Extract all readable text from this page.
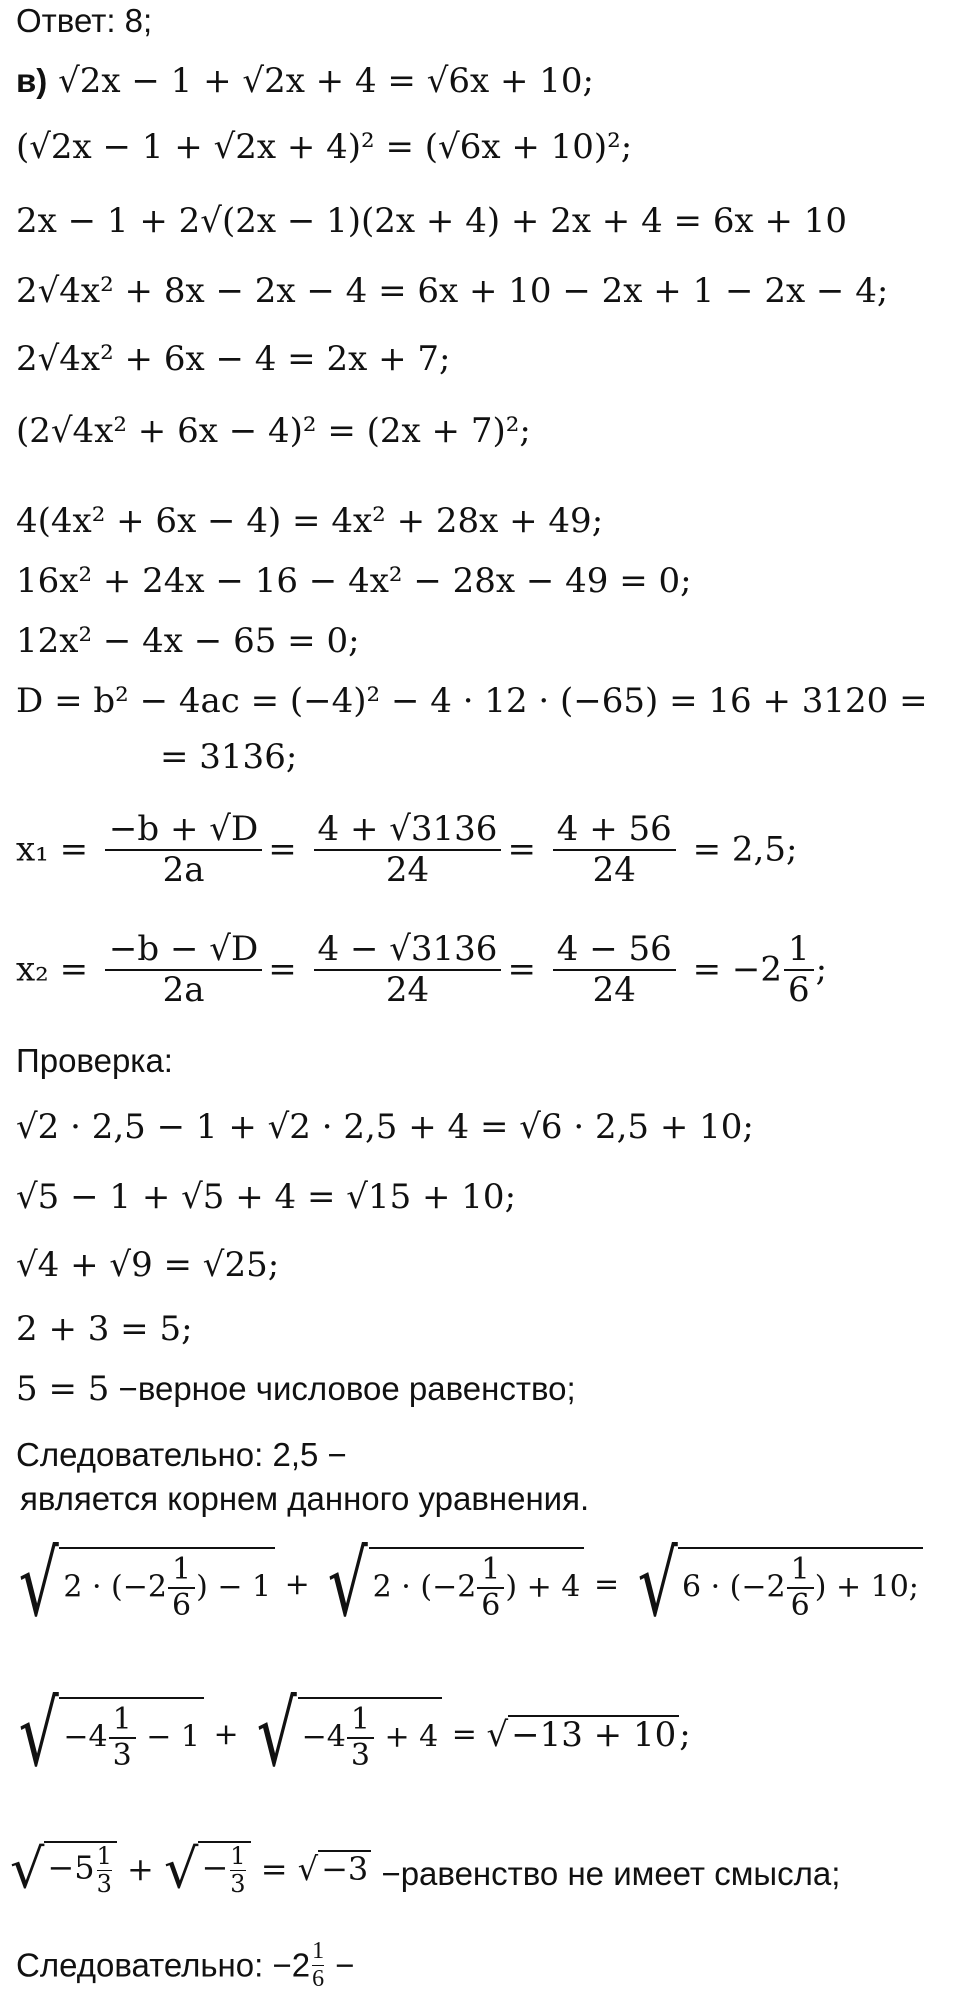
Ответ: 8;
в) √2x − 1 + √2x + 4 = √6x + 10;
(√2x − 1 + √2x + 4)² = (√6x + 10)²;
2x − 1 + 2√(2x − 1)(2x + 4) + 2x + 4 = 6x + 10
2√4x² + 8x − 2x − 4 = 6x + 10 − 2x + 1 − 2x − 4;
2√4x² + 6x − 4 = 2x + 7;
(2√4x² + 6x − 4)² = (2x + 7)²;
4(4x² + 6x − 4) = 4x² + 28x + 49;
16x² + 24x − 16 − 4x² − 28x − 49 = 0;
12x² − 4x − 65 = 0;
D = b² − 4ac = (−4)² − 4 · 12 · (−65) = 16 + 3120 =
= 3136;
$x_1 = \frac{-b + √D}{2a} = \frac{4 + √3136}{24} = \frac{4 + 56}{24} = 2,5$;
$x_2 = \frac{-b - √D}{2a} = \frac{4 - √3136}{24} = \frac{4 - 56}{24} = -2 \frac{1}{6}$ ;
Проверка:
√2 · 2,5 − 1 + √2 · 2,5 + 4 = √6 · 2,5 + 10;
√5 − 1 + √5 + 4 = √15 + 10;
√4 + √9 = √25;
2 + 3 = 5;
5 = 5 −верное числовое равенство;
Следовательно: 2,5 −
является корнем данного уравнения.
√ $2 \cdot (-2 \frac{1}{6}$ ) − 1 + √ $2 \cdot (-2 \frac{1}{6}$ ) + 4 = √ $6 \cdot (-2 \frac{1}{6}$ ) + 10;
√ $-4 \frac{1}{3} - 1$ + √ $-4 \frac{1}{3} + 4 = √-13 + 10$;
$√-5\frac{1}{3} + √-\frac{1}{3} = √-3$ −равенство не имеет смысла;
Следовательно: $-2\frac{1}{6}$ −
